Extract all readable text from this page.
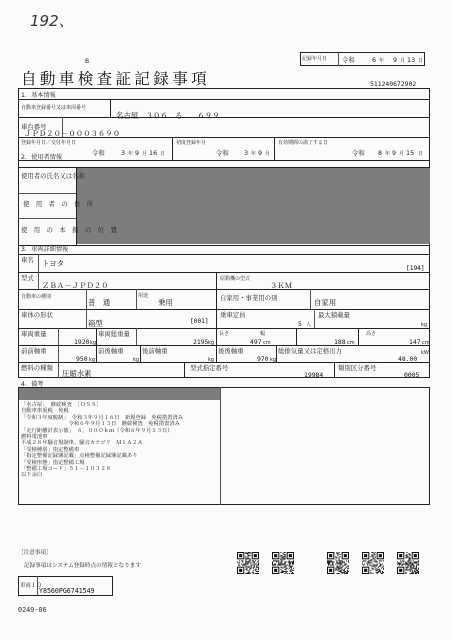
192、
記録年月日 令和	6 年 9 月 13 日
B
自動車検査証記録事項	511240672902
1．基本情報
自動車登録番号又は車両番号
名古屋　３０６　る　　６９９
車台番号
ＪＰＤ２０－０００３６９０
登録年月日／交付年月日
令和	3 年 9 月 16 日
初度登録年月
令和 3 年 9 月
有効期間の満了する日
令和 8 年 9 月 15 日
2．使用者情報
使用者の氏名又は名称
使　用　者　の　住　所
使　用　の　本　拠　の　位　置
3．車両詳細情報
車名 トヨタ
[194]
型式
ＺＢＡ－ＪＰＤ２０
原動機の型式
３ＫＭ
自動車の種別
普　通
用途
乗用	自家用・事業用の別	自家用
車体の形状
箱型	[001]
乗車定員
5 人
最大積載量
kg
車両重量
1920 kg
車両総重量
2195 kg
長さ
497 cm
幅
188 cm
高さ
147 cm
前前軸重
950 kg
前後軸重
kg
後前軸重
kg
後後軸重
970 kg
総排気量又は定格出力
48.00
kW
燃料の種類
圧縮水素
型式指定番号
19984
類別区分番号
0005
4．備考
「名古屋」 継続検査 ［ＯＳＳ］
自動車車重税　免税
「令和３年度税制」 令和３年９月１６日　新規登録　免税措置済み
　　　　　　　　　令和６年９月１３日　継続検査　免税措置済み
「走行距離計表示値」 ６，０００ｋｍ（令和６年９月１３日）
燃料電池車
平成２８年騒音規制車、騒音カテゴリ　Ｍ１Ａ２Ａ
「受検種別」指定整備車
「指定整備記録簿記載」点検整備記録簿記載あり
「受検形態」指定整備工場
「整備工場コード」５１－１０３２８
以下余白
［注意事項］
記録事項はシステム登録時点の情報となります
車両ＩＤ
Y8560PG6741549
0249-06
